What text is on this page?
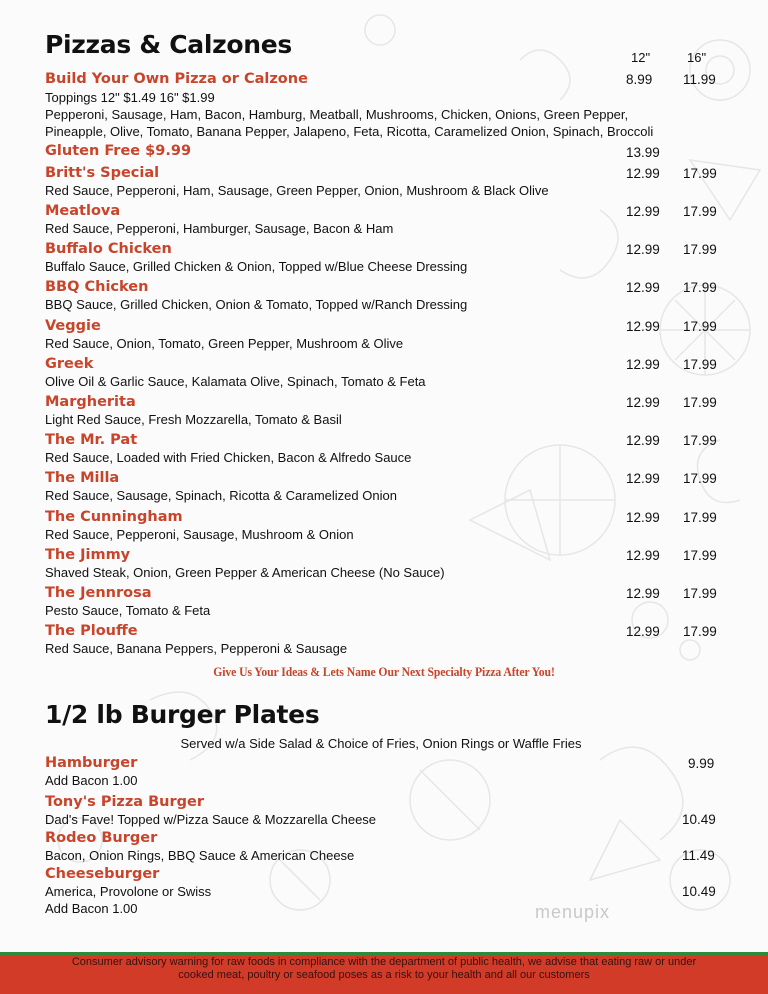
Pizzas & Calzones	12"	16"
Build Your Own Pizza or Calzone	8.99 11.99
Toppings 12" $1.49 16" $1.99
Pepperoni, Sausage, Ham, Bacon, Hamburg, Meatball, Mushrooms, Chicken, Onions, Green Pepper,
Pineapple, Olive, Tomato, Banana Pepper, Jalapeno, Feta, Ricotta, Caramelized Onion, Spinach, Broccoli
Gluten Free $9.99	13.99
Britt's Special	12.99 17.99
Red Sauce, Pepperoni, Ham, Sausage, Green Pepper, Onion, Mushroom & Black Olive
Meatlova	12.99 17.99
Red Sauce, Pepperoni, Hamburger, Sausage, Bacon & Ham
Buffalo Chicken	12.99 17.99
Buffalo Sauce, Grilled Chicken & Onion, Topped w/Blue Cheese Dressing
BBQ Chicken	12.99 17.99
BBQ Sauce, Grilled Chicken, Onion & Tomato, Topped w/Ranch Dressing
Veggie	12.99 17.99
Red Sauce, Onion, Tomato, Green Pepper, Mushroom & Olive
Greek	12.99 17.99
Olive Oil & Garlic Sauce, Kalamata Olive, Spinach, Tomato & Feta
Margherita	12.99 17.99
Light Red Sauce, Fresh Mozzarella, Tomato & Basil
The Mr. Pat	12.99 17.99
Red Sauce, Loaded with Fried Chicken, Bacon & Alfredo Sauce
The Milla	12.99 17.99
Red Sauce, Sausage, Spinach, Ricotta & Caramelized Onion
The Cunningham	12.99 17.99
Red Sauce, Pepperoni, Sausage, Mushroom & Onion
The Jimmy	12.99 17.99
Shaved Steak, Onion, Green Pepper & American Cheese (No Sauce)
The Jennrosa	12.99 17.99
Pesto Sauce, Tomato & Feta
The Plouffe	12.99 17.99
Red Sauce, Banana Peppers, Pepperoni & Sausage
Give Us Your Ideas & Lets Name Our Next Specialty Pizza After You!
1/2 lb Burger Plates
Served w/a Side Salad & Choice of Fries, Onion Rings or Waffle Fries
Hamburger	9.99
Add Bacon 1.00
Tony's Pizza Burger
Dad's Fave! Topped w/Pizza Sauce & Mozzarella Cheese	10.49
Rodeo Burger
Bacon, Onion Rings, BBQ Sauce & American Cheese	11.49
Cheeseburger
America, Provolone or Swiss	10.49
Add Bacon 1.00	menupix
Consumer advisory warning for raw foods in compliance with the department of public health, we advise that eating raw or under
cooked meat, poultry or seafood poses as a risk to your health and all our customers
